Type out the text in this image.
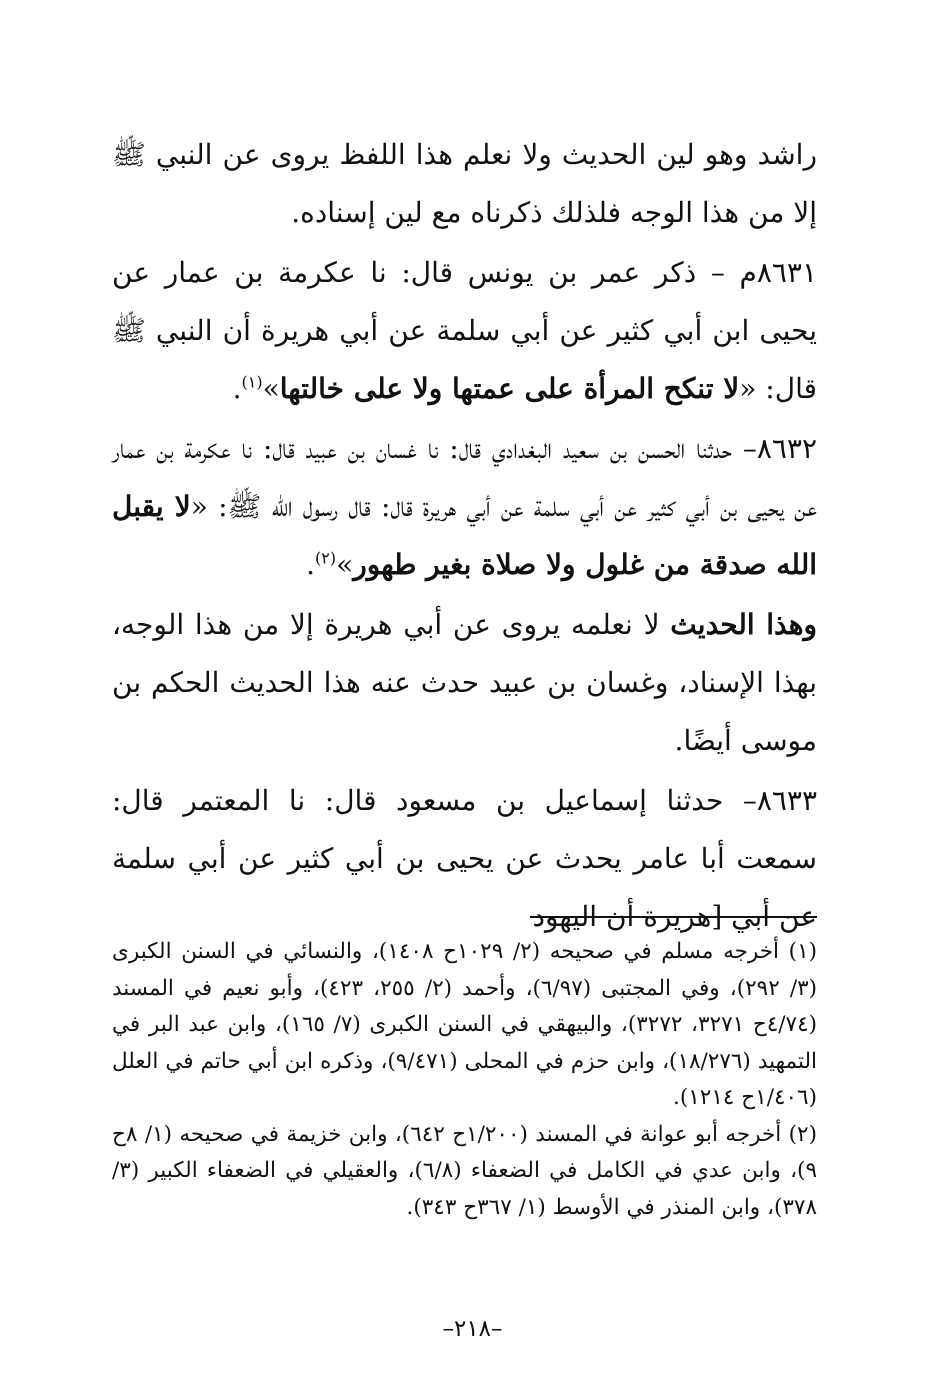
راشد وهو لين الحديث ولا نعلم هذا اللفظ يروى عن النبي ﷺ إلا من هذا الوجه فلذلك ذكرناه مع لين إسناده.

٨٦٣١م – ذكر عمر بن يونس قال: نا عكرمة بن عمار عن يحيى ابن أبي كثير عن أبي سلمة عن أبي هريرة أن النبي ﷺ قال: «لا تنكح المرأة على عمتها ولا على خالتها»$^{(١)}$.

٨٦٣٢– حدثنا الحسن بن سعيد البغدادي قال: نا غسان بن عبيد قال: نا عكرمة بن عمار عن يحيى بن أبي كثير عن أبي سلمة عن أبي هريرة قال: قال رسول الله ﷺ: «لا يقبل الله صدقة من غلول ولا صلاة بغير طهور»$^{(٢)}$.

وهذا الحديث لا نعلمه يروى عن أبي هريرة إلا من هذا الوجه، بهذا الإسناد، وغسان بن عبيد حدث عنه هذا الحديث الحكم بن موسى أيضًا.

٨٦٣٣– حدثنا إسماعيل بن مسعود قال: نا المعتمر قال: سمعت أبا عامر يحدث عن يحيى بن أبي كثير عن أبي سلمة عن أبي [هريرة أن اليهود

(١) أخرجه مسلم في صحيحه (٢/ ١٠٢٩ح ١٤٠٨)، والنسائي في السنن الكبرى (٣/ ٢٩٢)، وفي المجتبى (٦/٩٧)، وأحمد (٢/ ٢٥٥، ٤٢٣)، وأبو نعيم في المسند (٤/٧٤ح ٣٢٧١، ٣٢٧٢)، والبيهقي في السنن الكبرى (٧/ ١٦٥)، وابن عبد البر في التمهيد (١٨/٢٧٦)، وابن حزم في المحلى (٩/٤٧١)، وذكره ابن أبي حاتم في العلل (١/٤٠٦ح ١٢١٤).

(٢) أخرجه أبو عوانة في المسند (١/٢٠٠ح ٦٤٢)، وابن خزيمة في صحيحه (١/ ٨ح ٩)، وابن عدي في الكامل في الضعفاء (٦/٨)، والعقيلي في الضعفاء الكبير (٣/ ٣٧٨)، وابن المنذر في الأوسط (١/ ٣٦٧ح ٣٤٣).

–٢١٨–
